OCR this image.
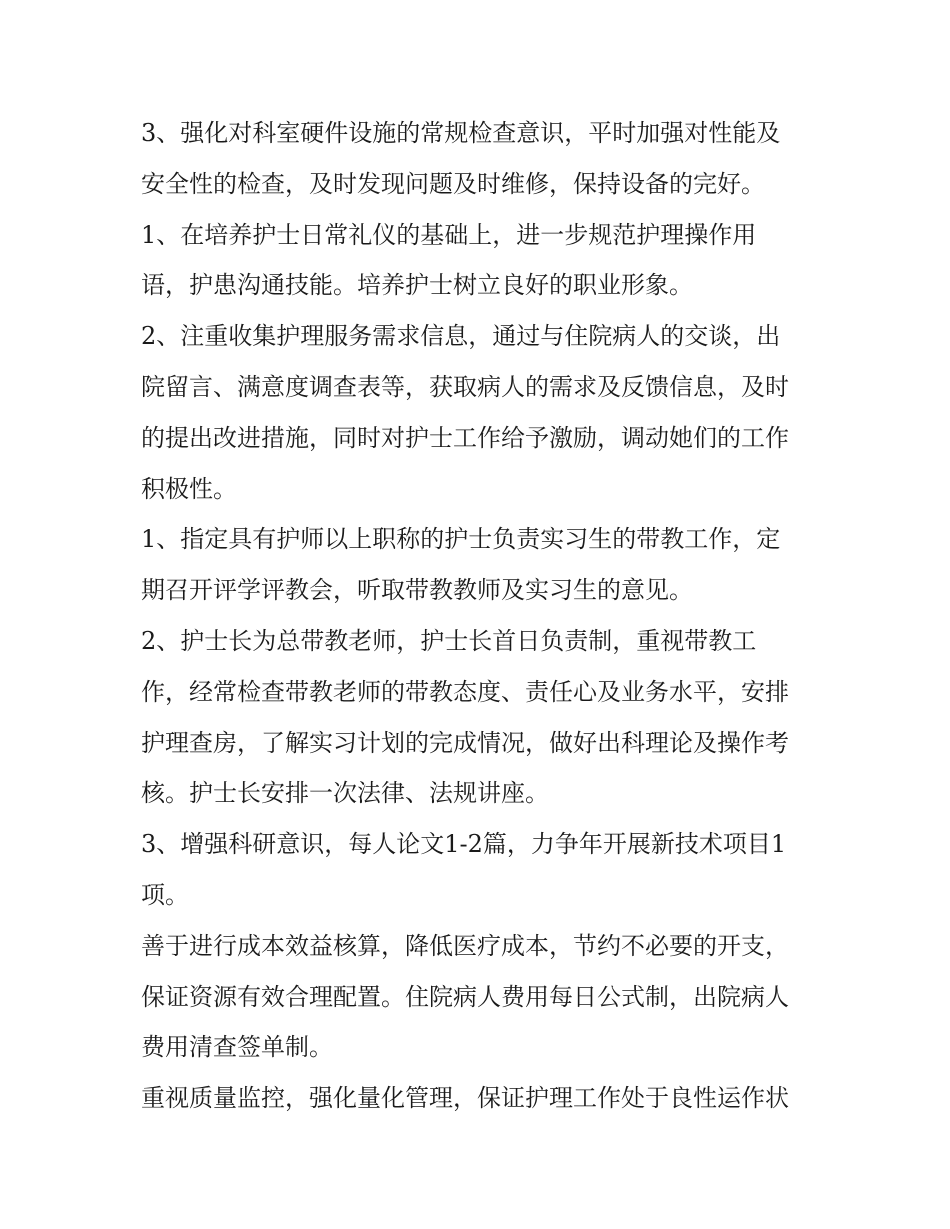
3、强化对科室硬件设施的常规检查意识，平时加强对性能及
安全性的检查，及时发现问题及时维修，保持设备的完好。
1、在培养护士日常礼仪的基础上，进一步规范护理操作用
语，护患沟通技能。培养护士树立良好的职业形象。
2、注重收集护理服务需求信息，通过与住院病人的交谈，出
院留言、满意度调查表等，获取病人的需求及反馈信息，及时
的提出改进措施，同时对护士工作给予激励，调动她们的工作
积极性。
1、指定具有护师以上职称的护士负责实习生的带教工作，定
期召开评学评教会，听取带教教师及实习生的意见。
2、护士长为总带教老师，护士长首日负责制，重视带教工
作，经常检查带教老师的带教态度、责任心及业务水平，安排
护理查房，了解实习计划的完成情况，做好出科理论及操作考
核。护士长安排一次法律、法规讲座。
3、增强科研意识，每人论文1-2篇，力争年开展新技术项目1
项。
善于进行成本效益核算，降低医疗成本，节约不必要的开支，
保证资源有效合理配置。住院病人费用每日公式制，出院病人
费用清查签单制。
重视质量监控，强化量化管理，保证护理工作处于良性运作状
